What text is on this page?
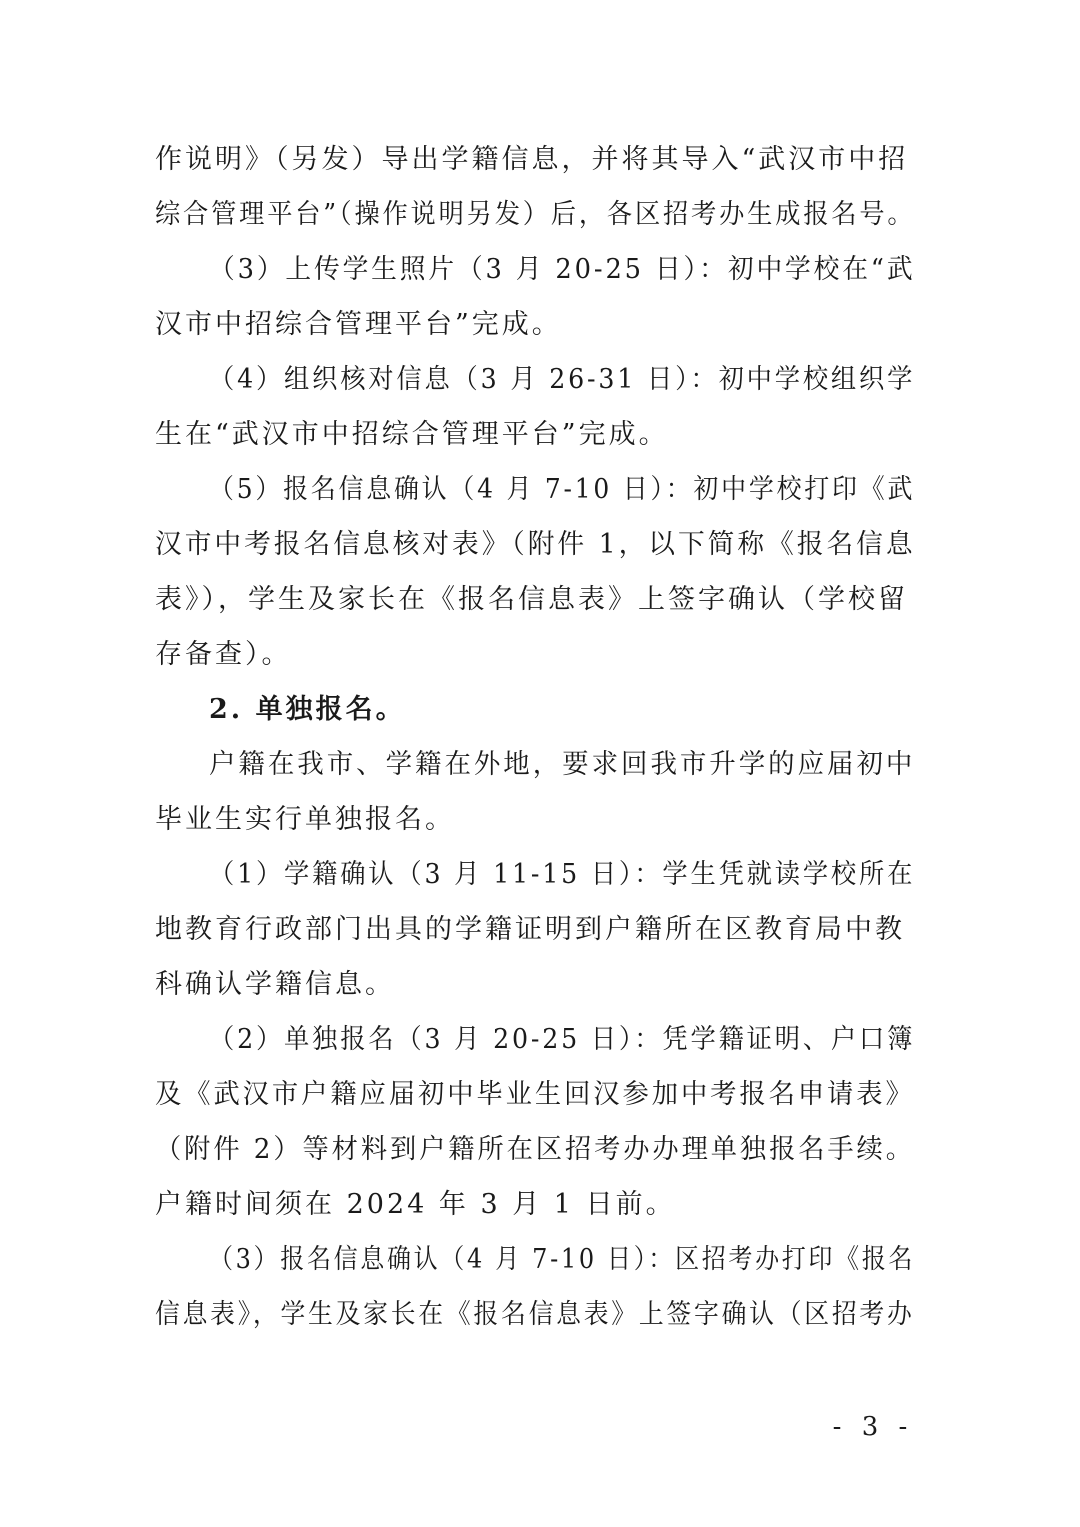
作说明》（另发）导出学籍信息，并将其导入“武汉市中招
综合管理平台”（操作说明另发）后，各区招考办生成报名号。
（3）上传学生照片（3 月 20-25 日）：初中学校在“武
汉市中招综合管理平台”完成。
（4）组织核对信息（3 月 26-31 日）：初中学校组织学
生在“武汉市中招综合管理平台”完成。
（5）报名信息确认（4 月 7-10 日）：初中学校打印《武
汉市中考报名信息核对表》（附件 1，以下简称《报名信息
表》），学生及家长在《报名信息表》上签字确认（学校留
存备查）。
2. 单独报名。
户籍在我市、学籍在外地，要求回我市升学的应届初中
毕业生实行单独报名。
（1）学籍确认（3 月 11-15 日）：学生凭就读学校所在
地教育行政部门出具的学籍证明到户籍所在区教育局中教
科确认学籍信息。
（2）单独报名（3 月 20-25 日）：凭学籍证明、户口簿
及《武汉市户籍应届初中毕业生回汉参加中考报名申请表》
（附件 2）等材料到户籍所在区招考办办理单独报名手续。
户籍时间须在 2024 年 3 月 1 日前。
（3）报名信息确认（4 月 7-10 日）：区招考办打印《报名
信息表》，学生及家长在《报名信息表》上签字确认（区招考办
- 3 -
